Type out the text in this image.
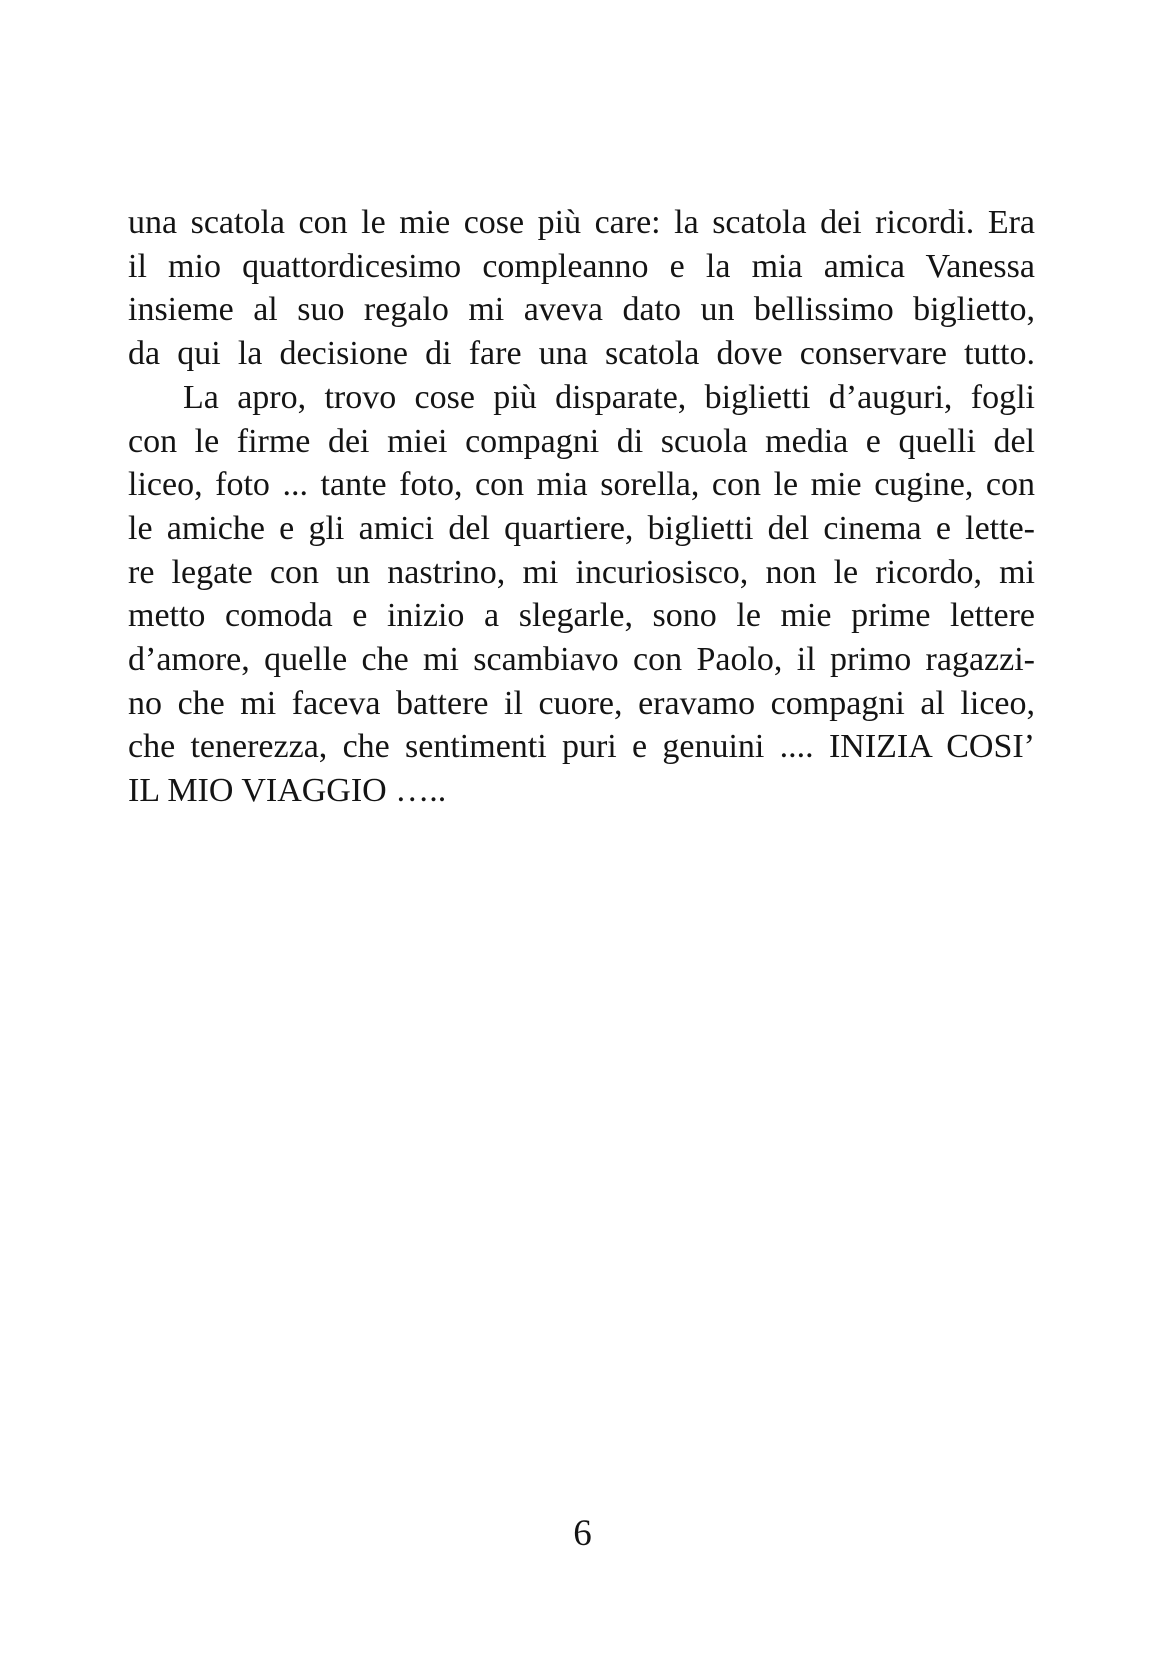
una scatola con le mie cose più care: la scatola dei ricordi. Era
il mio quattordicesimo compleanno e la mia amica Vanessa
insieme al suo regalo mi aveva dato un bellissimo biglietto,
da qui la decisione di fare una scatola dove conservare tutto.
La apro, trovo cose più disparate, biglietti d’auguri, fogli
con le firme dei miei compagni di scuola media e quelli del
liceo, foto ... tante foto, con mia sorella, con le mie cugine, con
le amiche e gli amici del quartiere, biglietti del cinema e lette-
re legate con un nastrino, mi incuriosisco, non le ricordo, mi
metto comoda e inizio a slegarle, sono le mie prime lettere
d’amore, quelle che mi scambiavo con Paolo, il primo ragazzi-
no che mi faceva battere il cuore, eravamo compagni al liceo,
che tenerezza, che sentimenti puri e genuini .... INIZIA COSI’
IL MIO VIAGGIO …..
6
